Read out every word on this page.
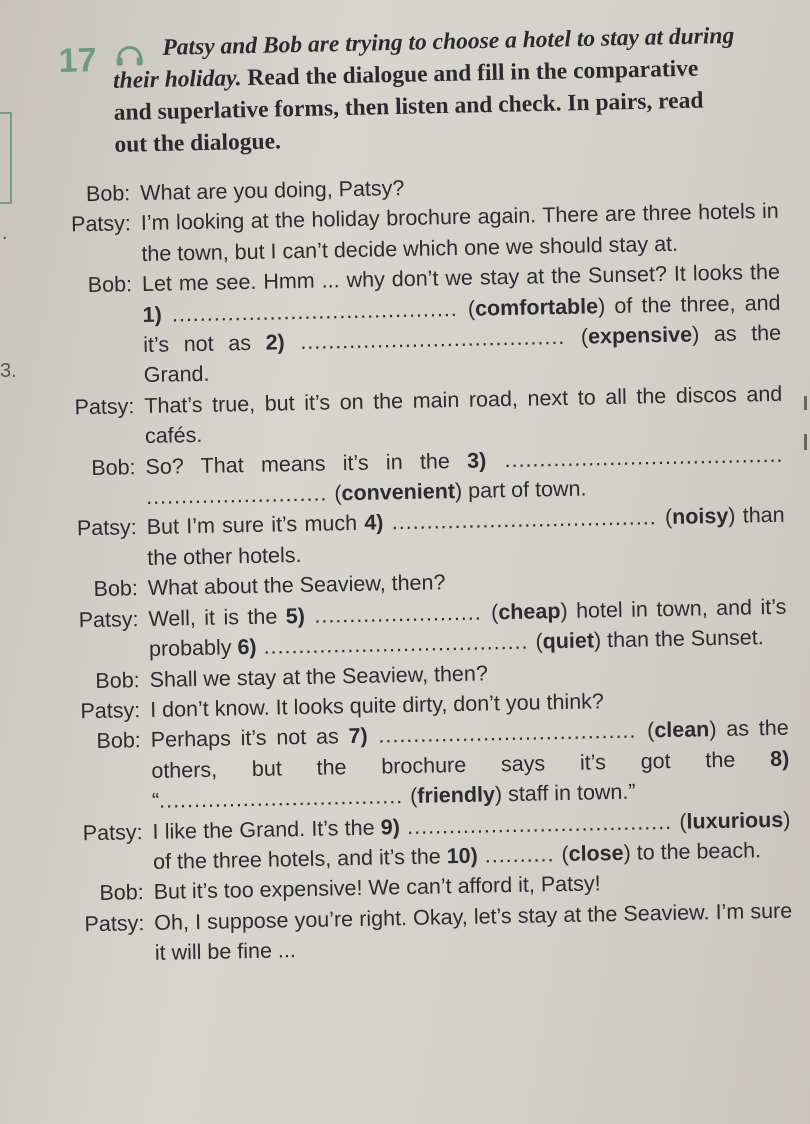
.
3.
17	Patsy and Bob are trying to choose a hotel to stay at during their holiday. Read the dialogue and fill in the comparative and superlative forms, then listen and check. In pairs, read out the dialogue.
Bob: What are you doing, Patsy?
Patsy: I’m looking at the holiday brochure again. There are three hotels in the town, but I can’t decide which one we should stay at.
Bob: Let me see. Hmm ... why don’t we stay at the Sunset? It looks the 1) ......................................... (comfortable) of the three, and it’s not as 2) ...................................... (expensive) as the Grand.
Patsy: That’s true, but it’s on the main road, next to all the discos and cafés.
Bob: So? That means it’s in the 3) ........................................ .......................... (convenient) part of town.
Patsy: But I’m sure it’s much 4) ...................................... (noisy) than the other hotels.
Bob: What about the Seaview, then?
Patsy: Well, it is the 5) ........................ (cheap) hotel in town, and it’s probably 6) ...................................... (quiet) than the Sunset.
Bob: Shall we stay at the Seaview, then?
Patsy: I don’t know. It looks quite dirty, don’t you think?
Bob: Perhaps it’s not as 7) ..................................... (clean) as the others, but the brochure says it’s got the 8) “................................... (friendly) staff in town.”
Patsy: I like the Grand. It’s the 9) ...................................... (luxurious) of the three hotels, and it’s the 10) .......... (close) to the beach.
Bob: But it’s too expensive! We can’t afford it, Patsy!
Patsy: Oh, I suppose you’re right. Okay, let’s stay at the Seaview. I’m sure it will be fine ...
